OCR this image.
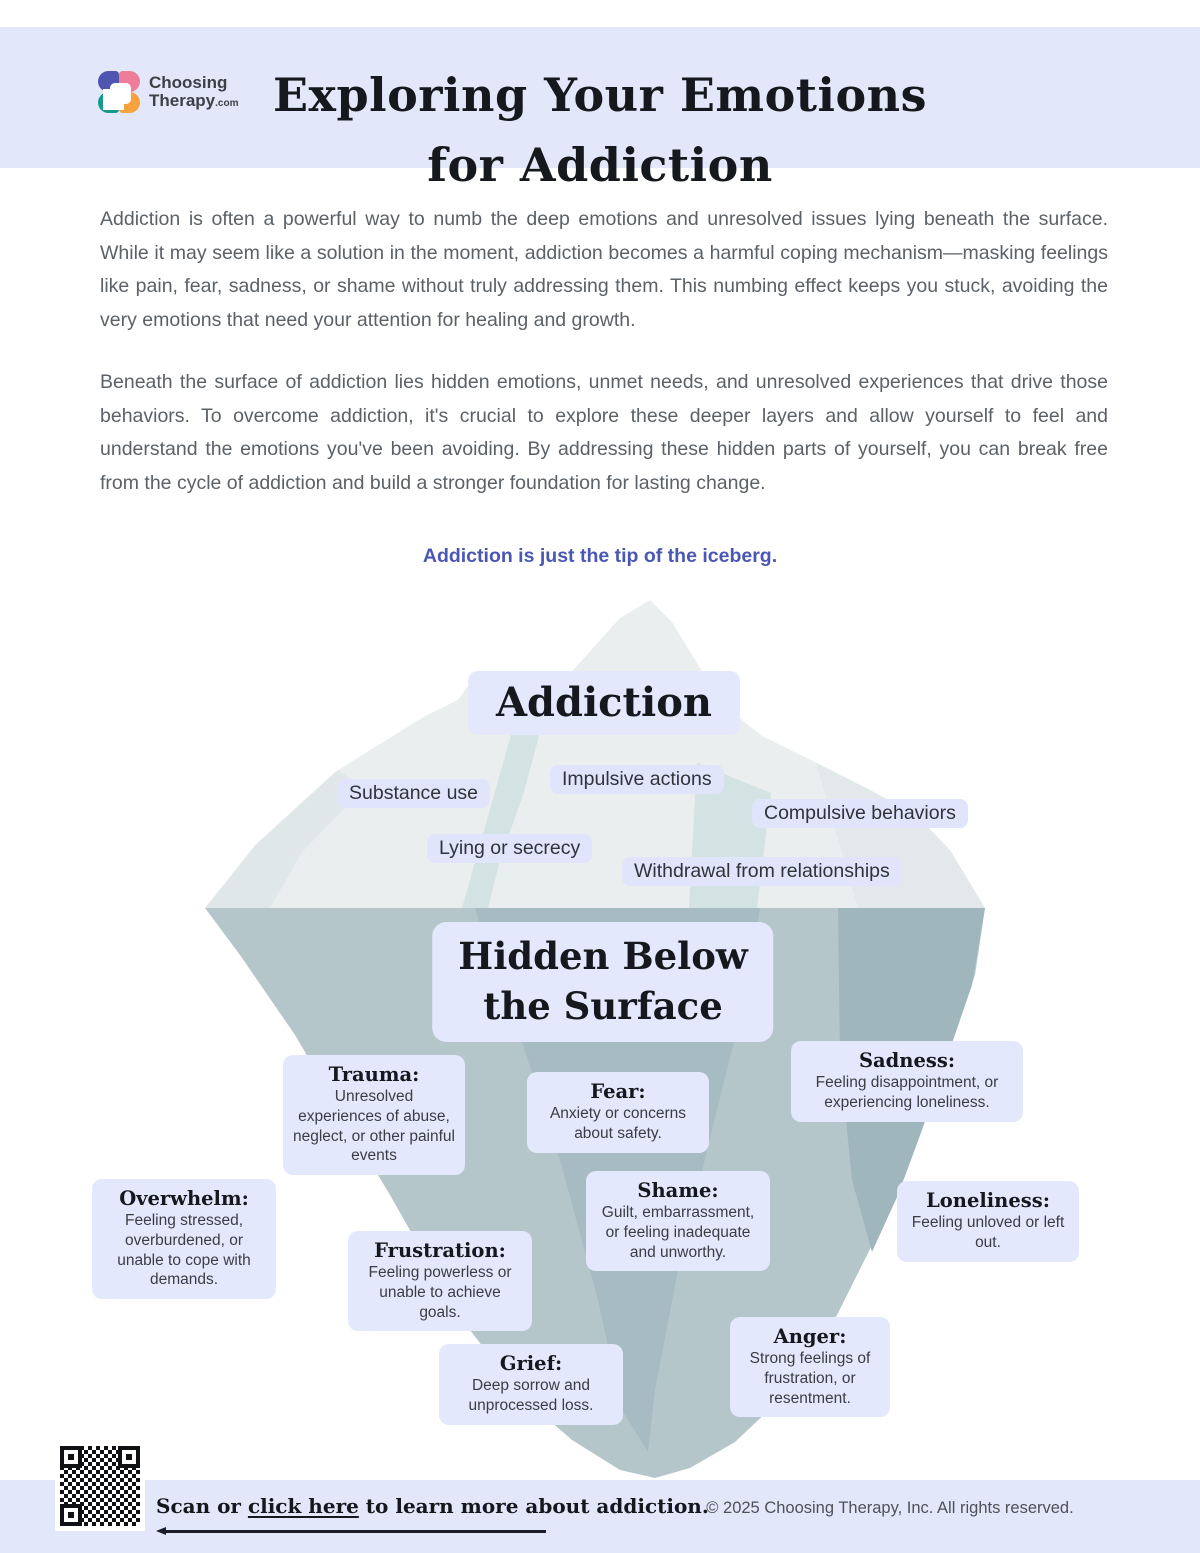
Choosing
Therapy.com Exploring Your Emotions
for Addiction

Addiction is often a powerful way to numb the deep emotions and unresolved issues lying beneath the surface. While it may seem like a solution in the moment, addiction becomes a harmful coping mechanism—masking feelings like pain, fear, sadness, or shame without truly addressing them. This numbing effect keeps you stuck, avoiding the very emotions that need your attention for healing and growth.

Beneath the surface of addiction lies hidden emotions, unmet needs, and unresolved experiences that drive those behaviors. To overcome addiction, it's crucial to explore these deeper layers and allow yourself to feel and understand the emotions you've been avoiding. By addressing these hidden parts of yourself, you can break free from the cycle of addiction and build a stronger foundation for lasting change.

Addiction is just the tip of the iceberg.
Addiction
Substance use
Impulsive actions
Compulsive behaviors
Lying or secrecy
Withdrawal from relationships
Hidden Below
the Surface
Trauma:
Unresolved experiences of abuse, neglect, or other painful events
Fear:
Anxiety or concerns about safety.
Sadness:
Feeling disappointment, or experiencing loneliness.
Overwhelm:
Feeling stressed, overburdened, or unable to cope with demands.
Shame:
Guilt, embarrassment, or feeling inadequate and unworthy.
Loneliness:
Feeling unloved or left out.
Frustration:
Feeling powerless or unable to achieve goals.
Anger:
Strong feelings of frustration, or resentment.
Grief:
Deep sorrow and unprocessed loss.
Scan or click here to learn more about addiction.
© 2025 Choosing Therapy, Inc. All rights reserved.
